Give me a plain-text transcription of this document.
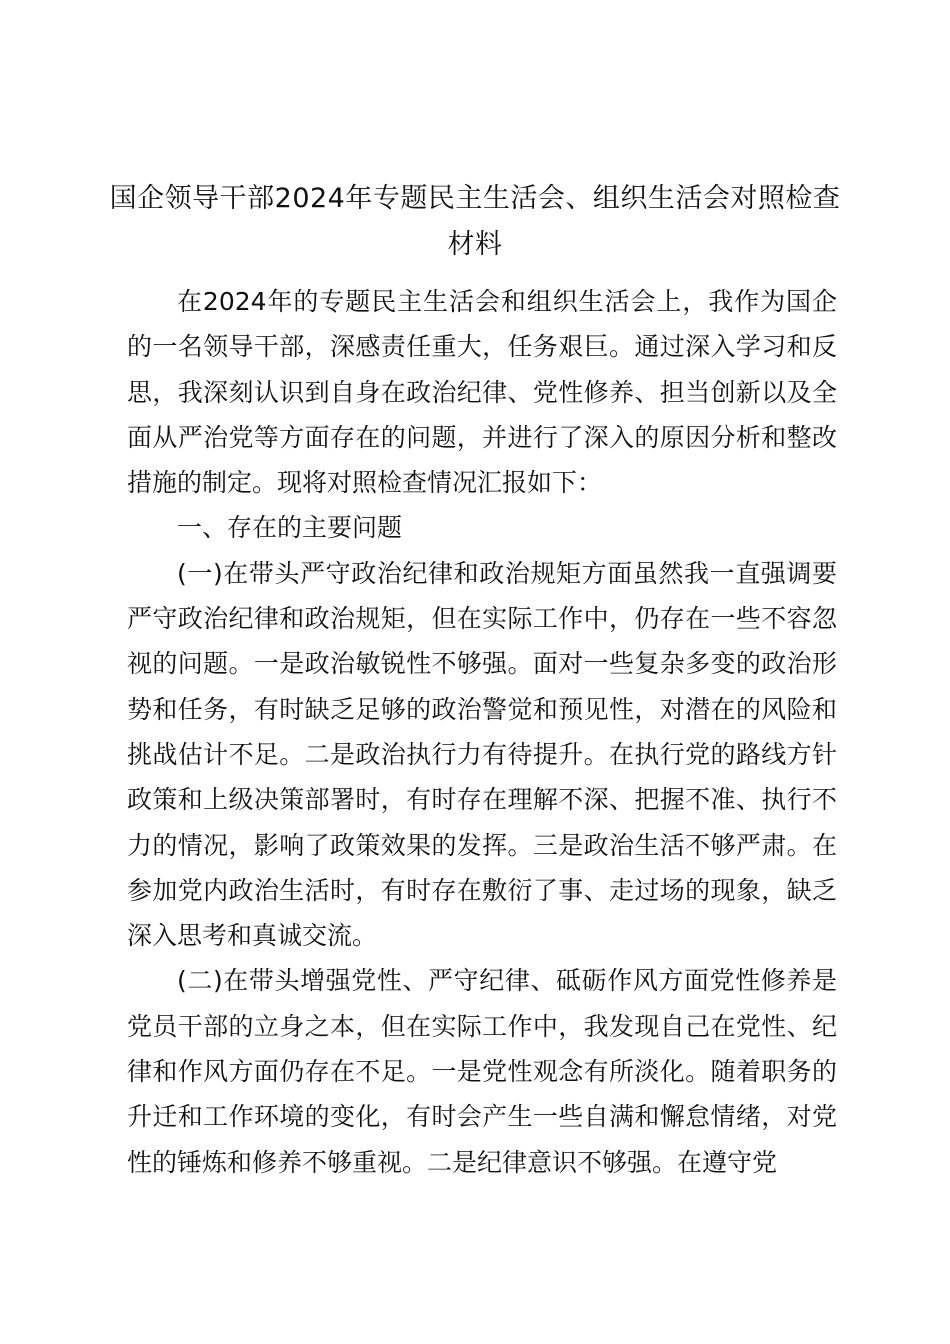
国企领导干部2024年专题民主生活会、组织生活会对照检查材料

在2024年的专题民主生活会和组织生活会上，我作为国企的一名领导干部，深感责任重大，任务艰巨。通过深入学习和反思，我深刻认识到自身在政治纪律、党性修养、担当创新以及全面从严治党等方面存在的问题，并进行了深入的原因分析和整改措施的制定。现将对照检查情况汇报如下：

一、存在的主要问题

(一)在带头严守政治纪律和政治规矩方面虽然我一直强调要严守政治纪律和政治规矩，但在实际工作中，仍存在一些不容忽视的问题。一是政治敏锐性不够强。面对一些复杂多变的政治形势和任务，有时缺乏足够的政治警觉和预见性，对潜在的风险和挑战估计不足。二是政治执行力有待提升。在执行党的路线方针政策和上级决策部署时，有时存在理解不深、把握不准、执行不力的情况，影响了政策效果的发挥。三是政治生活不够严肃。在参加党内政治生活时，有时存在敷衍了事、走过场的现象，缺乏深入思考和真诚交流。

(二)在带头增强党性、严守纪律、砥砺作风方面党性修养是党员干部的立身之本，但在实际工作中，我发现自己在党性、纪律和作风方面仍存在不足。一是党性观念有所淡化。随着职务的升迁和工作环境的变化，有时会产生一些自满和懈怠情绪，对党性的锤炼和修养不够重视。二是纪律意识不够强。在遵守党
